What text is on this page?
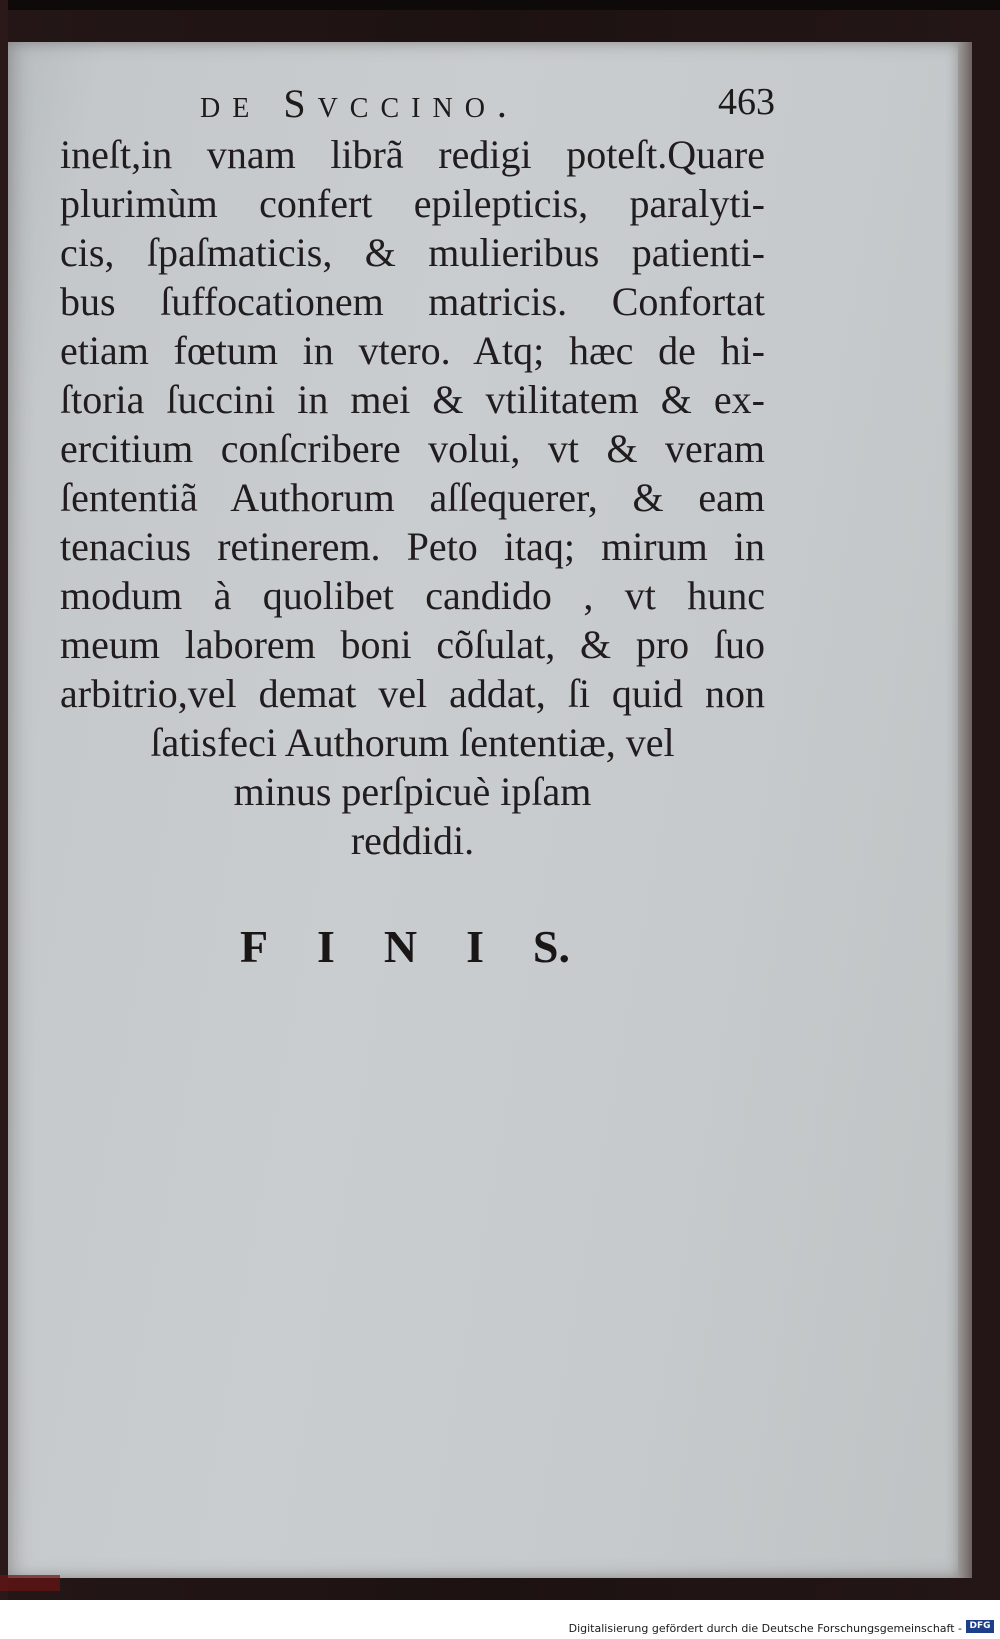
de Svccino.	463
ineſt,in vnam librã redigi poteſt.Quare
plurimùm confert epilepticis, paralyti-
cis, ſpaſmaticis, & mulieribus patienti-
bus ſuffocationem matricis. Confortat
etiam fœtum in vtero. Atq; hæc de hi-
ſtoria ſuccini in mei & vtilitatem & ex-
ercitium conſcribere volui, vt & veram
ſententiã Authorum aſſequerer, & eam
tenacius retinerem. Peto itaq; mirum in
modum à quolibet candido , vt hunc
meum laborem boni cõſulat, & pro ſuo
arbitrio,vel demat vel addat, ſi quid non
ſatisfeci Authorum ſententiæ, vel
minus perſpicuè ipſam
reddidi.
F I N I S.
Digitalisierung gefördert durch die Deutsche Forschungsgemeinschaft - DFG
